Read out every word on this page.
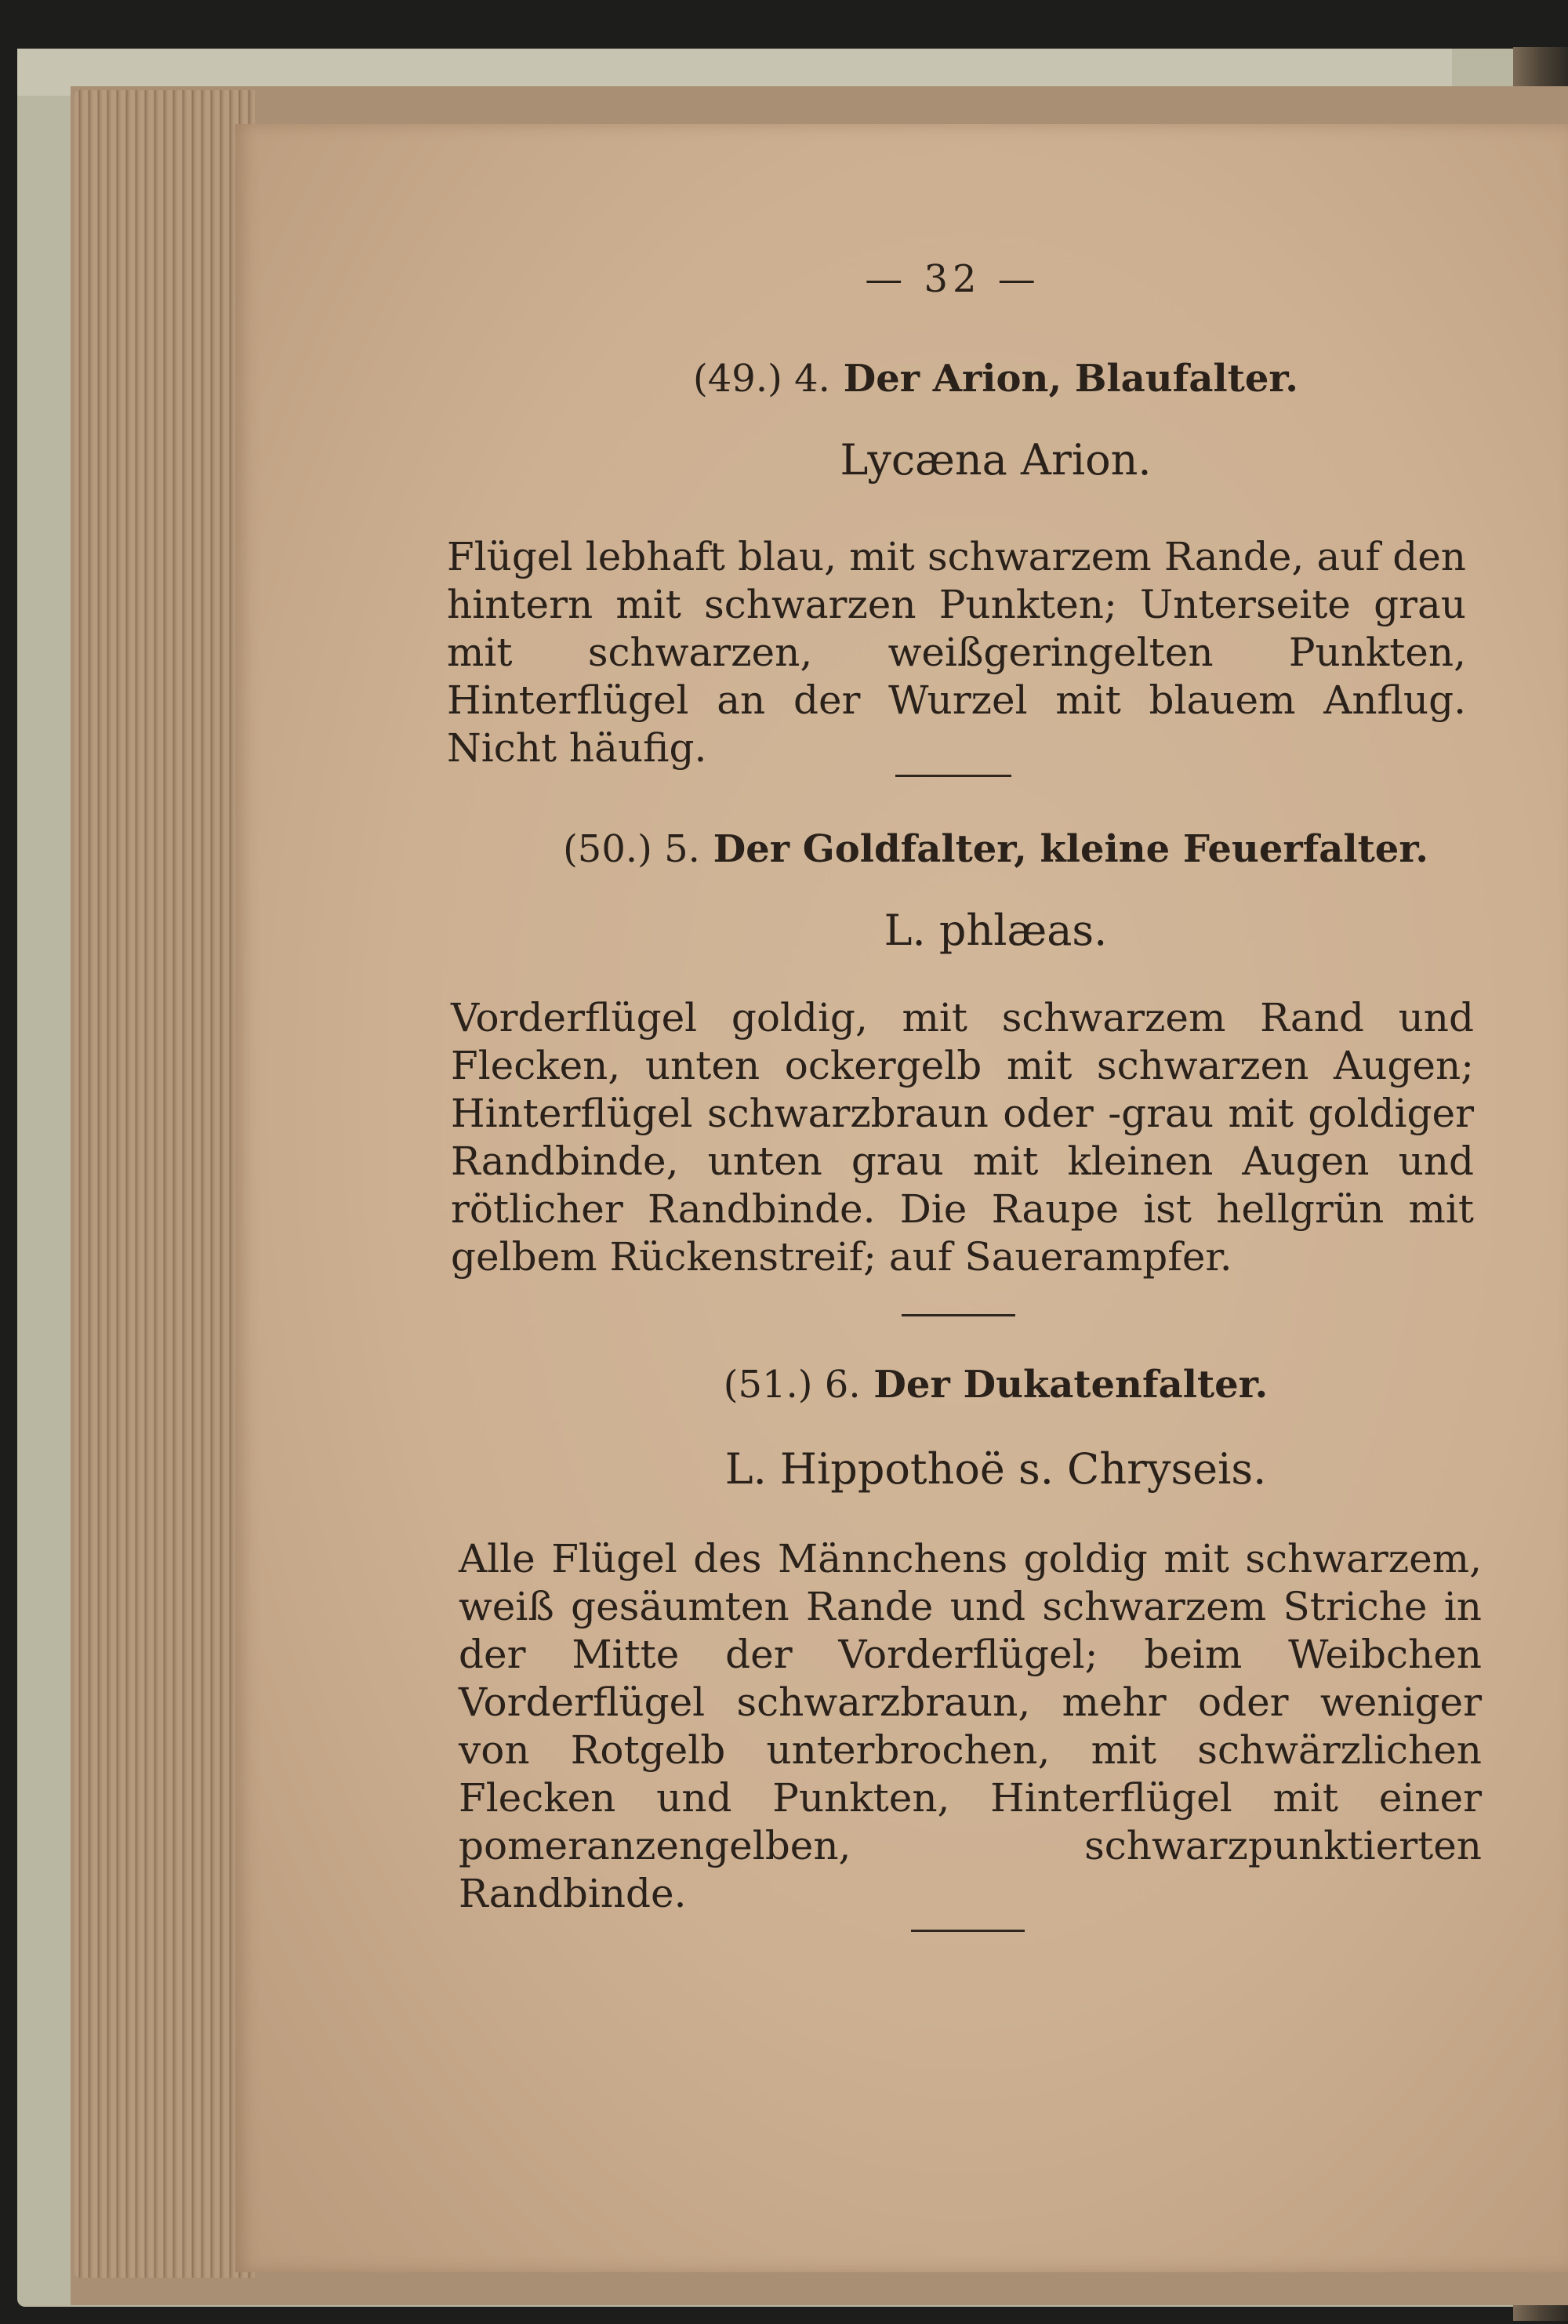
— 32 —
(49.) 4. Der Arion, Blaufalter.
Lycæna Arion.
Flügel lebhaft blau, mit schwarzem Rande, auf den hintern mit schwarzen Punkten; Unterseite grau mit schwarzen, weißgeringelten Punkten, Hinterflügel an der Wurzel mit blauem Anflug. Nicht häufig.
(50.) 5. Der Goldfalter, kleine Feuerfalter.
L. phlæas.
Vorderflügel goldig, mit schwarzem Rand und Flecken, unten ockergelb mit schwarzen Augen; Hinterflügel schwarzbraun oder -grau mit goldiger Randbinde, unten grau mit kleinen Augen und rötlicher Randbinde. Die Raupe ist hellgrün mit gelbem Rückenstreif; auf Sauerampfer.
(51.) 6. Der Dukatenfalter.
L. Hippothoë s. Chryseis.
Alle Flügel des Männchens goldig mit schwarzem, weiß gesäumten Rande und schwarzem Striche in der Mitte der Vorderflügel; beim Weibchen Vorderflügel schwarzbraun, mehr oder weniger von Rotgelb unterbrochen, mit schwärzlichen Flecken und Punkten, Hinterflügel mit einer pomeranzengelben, schwarzpunktierten Randbinde.
